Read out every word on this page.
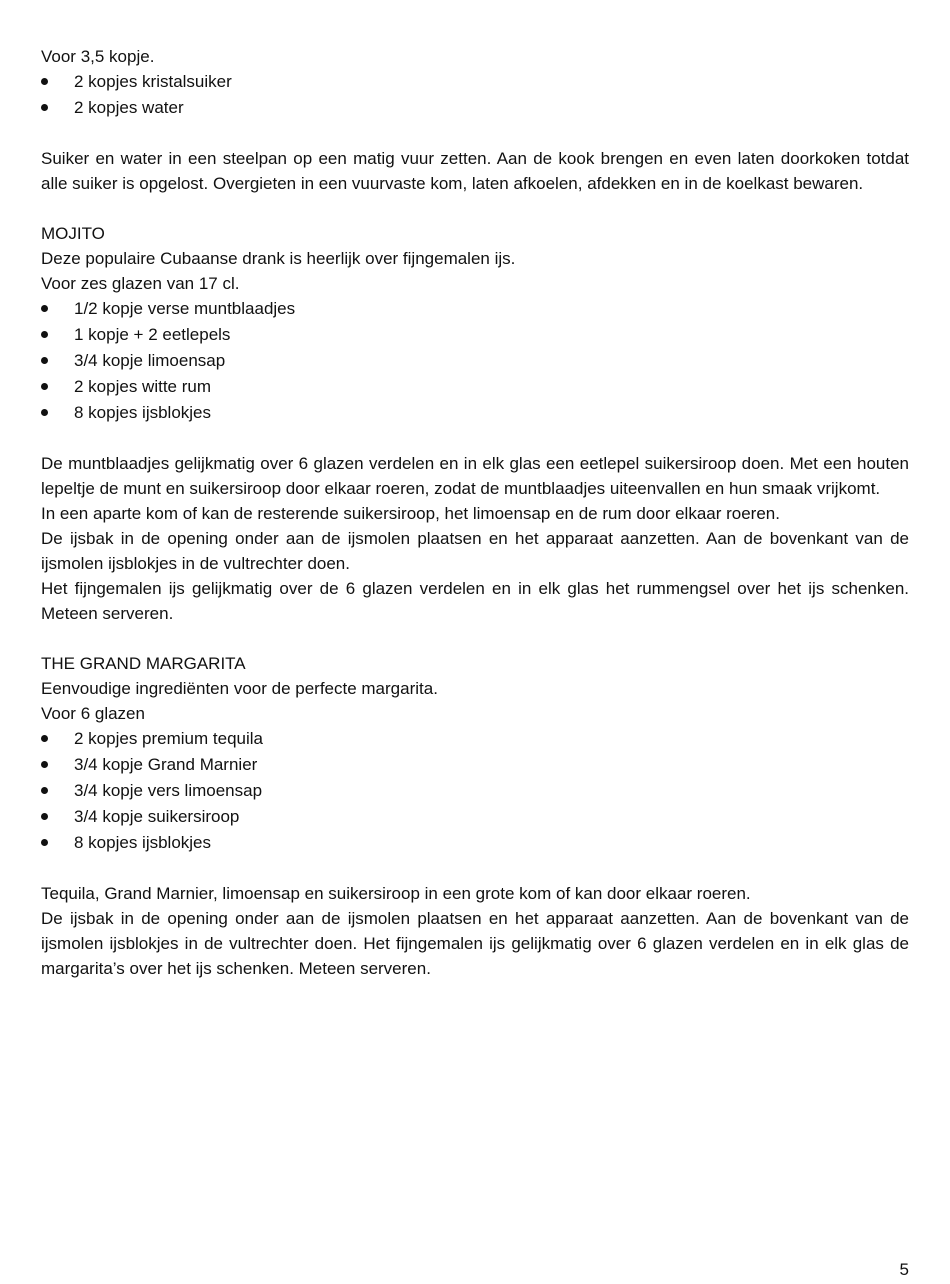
Voor 3,5 kopje.

2 kopjes kristalsuiker
2 kopjes water

Suiker en water in een steelpan op een matig vuur zetten. Aan de kook brengen en even laten doorkoken totdat alle suiker is opgelost. Overgieten in een vuurvaste kom, laten afkoelen, afdekken en in de koelkast bewaren.

MOJITO

Deze populaire Cubaanse drank is heerlijk over fijngemalen ijs.

Voor zes glazen van 17 cl.

1/2 kopje verse muntblaadjes
1 kopje + 2 eetlepels
3/4 kopje limoensap
2 kopjes witte rum
8 kopjes ijsblokjes

De muntblaadjes gelijkmatig over 6 glazen verdelen en in elk glas een eetlepel suikersiroop doen. Met een houten lepeltje de munt en suikersiroop door elkaar roeren, zodat de muntblaadjes uiteenvallen en hun smaak vrijkomt.

In een aparte kom of kan de resterende suikersiroop, het limoensap en de rum door elkaar roeren.

De ijsbak in de opening onder aan de ijsmolen plaatsen en het apparaat aanzetten. Aan de bovenkant van de ijsmolen ijsblokjes in de vultrechter doen.

Het fijngemalen ijs gelijkmatig over de 6 glazen verdelen en in elk glas het rummengsel over het ijs schenken. Meteen serveren.

THE GRAND MARGARITA

Eenvoudige ingrediënten voor de perfecte margarita.

Voor 6 glazen

2 kopjes premium tequila
3/4 kopje Grand Marnier
3/4 kopje vers limoensap
3/4 kopje suikersiroop
8 kopjes ijsblokjes

Tequila, Grand Marnier, limoensap en suikersiroop in een grote kom of kan door elkaar roeren.

De ijsbak in de opening onder aan de ijsmolen plaatsen en het apparaat aanzetten. Aan de bovenkant van de ijsmolen ijsblokjes in de vultrechter doen. Het fijngemalen ijs gelijkmatig over 6 glazen verdelen en in elk glas de margarita’s over het ijs schenken. Meteen serveren.

5
